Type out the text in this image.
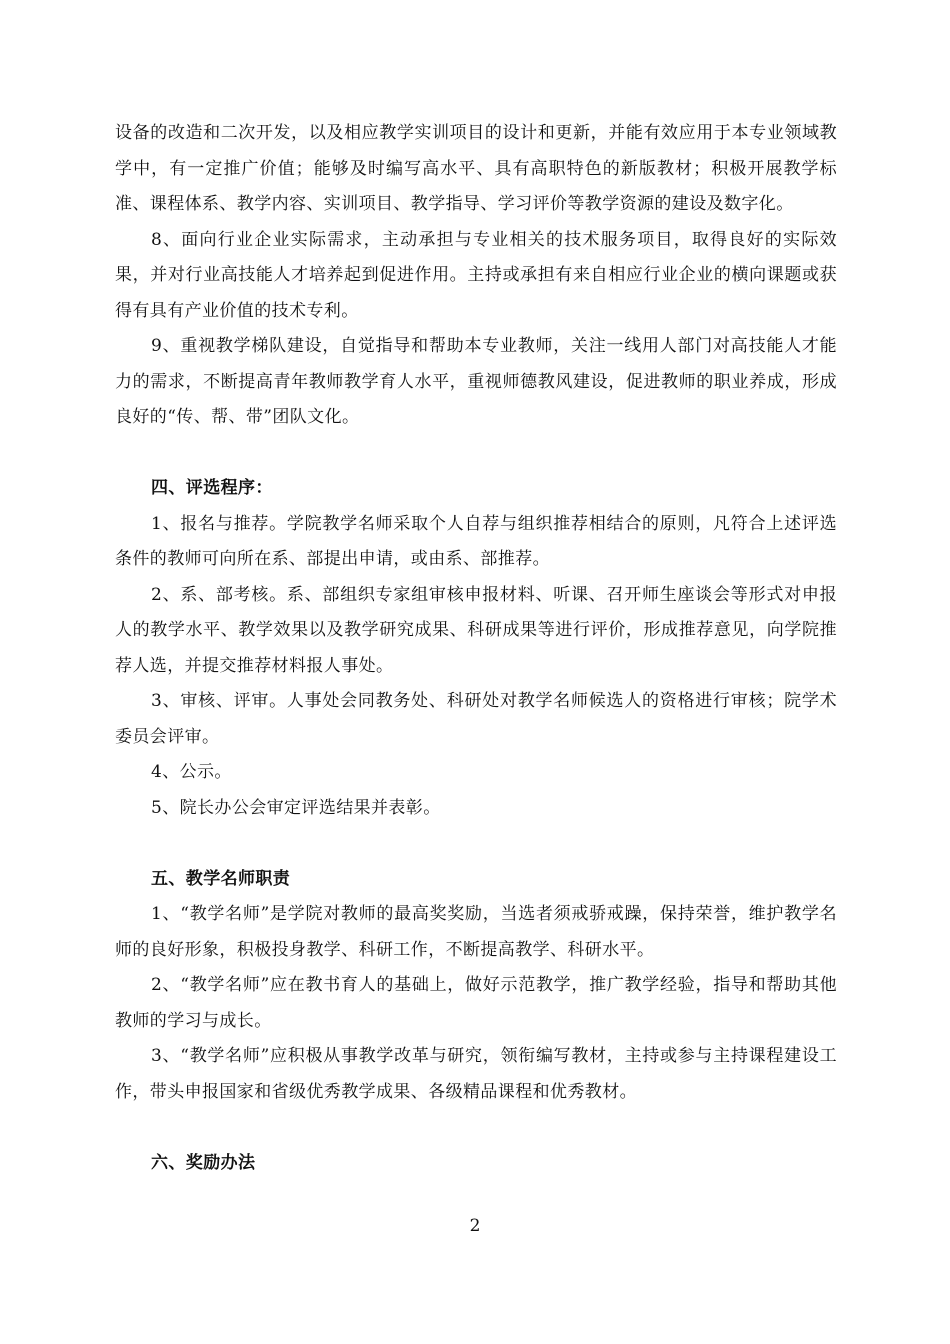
设备的改造和二次开发，以及相应教学实训项目的设计和更新，并能有效应用于本专业领域教学中，有一定推广价值；能够及时编写高水平、具有高职特色的新版教材；积极开展教学标准、课程体系、教学内容、实训项目、教学指导、学习评价等教学资源的建设及数字化。

8、面向行业企业实际需求，主动承担与专业相关的技术服务项目，取得良好的实际效果，并对行业高技能人才培养起到促进作用。主持或承担有来自相应行业企业的横向课题或获得有具有产业价值的技术专利。

9、重视教学梯队建设，自觉指导和帮助本专业教师，关注一线用人部门对高技能人才能力的需求，不断提高青年教师教学育人水平，重视师德教风建设，促进教师的职业养成，形成良好的“传、帮、带”团队文化。

四、评选程序：

1、报名与推荐。学院教学名师采取个人自荐与组织推荐相结合的原则，凡符合上述评选条件的教师可向所在系、部提出申请，或由系、部推荐。

2、系、部考核。系、部组织专家组审核申报材料、听课、召开师生座谈会等形式对申报人的教学水平、教学效果以及教学研究成果、科研成果等进行评价，形成推荐意见，向学院推荐人选，并提交推荐材料报人事处。

3、审核、评审。人事处会同教务处、科研处对教学名师候选人的资格进行审核；院学术委员会评审。

4、公示。

5、院长办公会审定评选结果并表彰。

五、教学名师职责

1、“教学名师”是学院对教师的最高奖奖励，当选者须戒骄戒躁，保持荣誉，维护教学名师的良好形象，积极投身教学、科研工作，不断提高教学、科研水平。

2、“教学名师”应在教书育人的基础上，做好示范教学，推广教学经验，指导和帮助其他教师的学习与成长。

3、“教学名师”应积极从事教学改革与研究，领衔编写教材，主持或参与主持课程建设工作，带头申报国家和省级优秀教学成果、各级精品课程和优秀教材。

六、奖励办法

2
